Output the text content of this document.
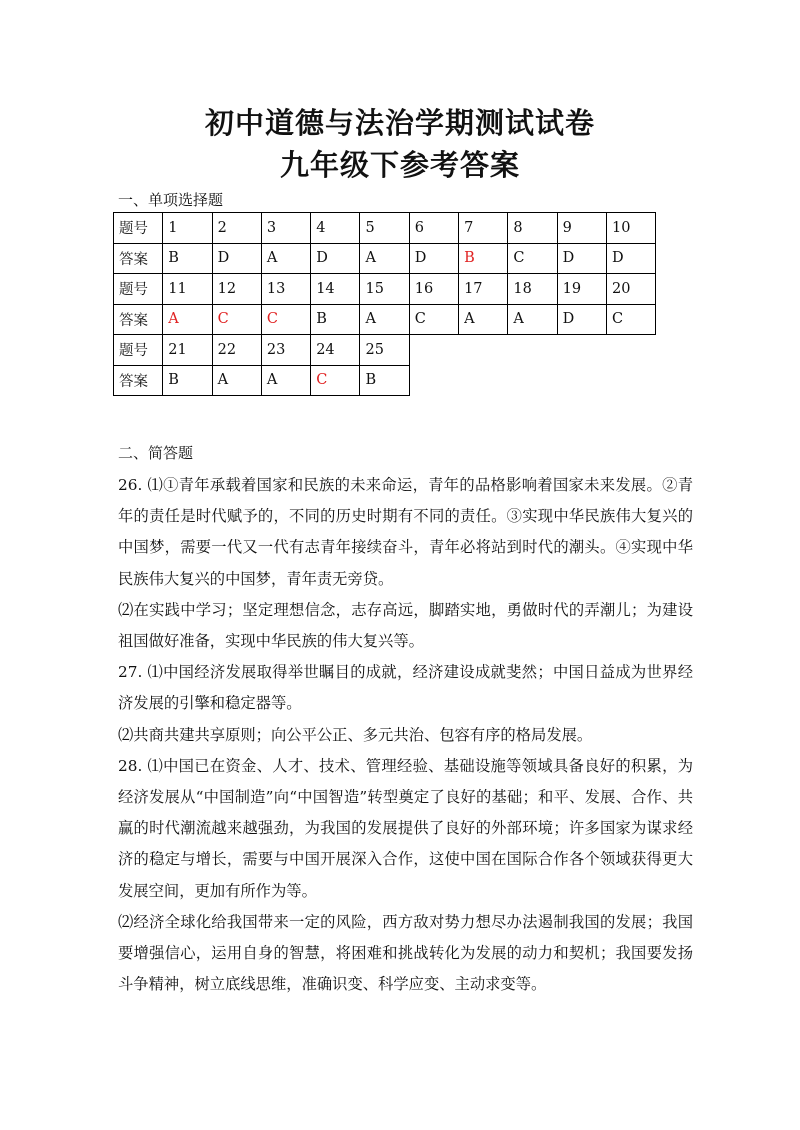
初中道德与法治学期测试试卷
九年级下参考答案
一、单项选择题
题号	1	2	3	4	5	6	7	8	9	10
答案	B	D	A	D	A	D	B	C	D	D
题号	11	12	13	14	15	16	17	18	19	20
答案	A	C	C	B	A	C	A	A	D	C
题号	21	22	23	24	25					
答案	B	A	A	C	B					
二、简答题

26. ⑴①青年承载着国家和民族的未来命运，青年的品格影响着国家未来发展。②青年的责任是时代赋予的，不同的历史时期有不同的责任。③实现中华民族伟大复兴的中国梦，需要一代又一代有志青年接续奋斗，青年必将站到时代的潮头。④实现中华民族伟大复兴的中国梦，青年责无旁贷。

⑵在实践中学习；坚定理想信念，志存高远，脚踏实地，勇做时代的弄潮儿；为建设祖国做好准备，实现中华民族的伟大复兴等。

27. ⑴中国经济发展取得举世瞩目的成就，经济建设成就斐然；中国日益成为世界经济发展的引擎和稳定器等。

⑵共商共建共享原则；向公平公正、多元共治、包容有序的格局发展。

28. ⑴中国已在资金、人才、技术、管理经验、基础设施等领域具备良好的积累，为经济发展从“中国制造”向“中国智造”转型奠定了良好的基础；和平、发展、合作、共赢的时代潮流越来越强劲，为我国的发展提供了良好的外部环境；许多国家为谋求经济的稳定与增长，需要与中国开展深入合作，这使中国在国际合作各个领域获得更大发展空间，更加有所作为等。

⑵经济全球化给我国带来一定的风险，西方敌对势力想尽办法遏制我国的发展；我国要增强信心，运用自身的智慧，将困难和挑战转化为发展的动力和契机；我国要发扬斗争精神，树立底线思维，准确识变、科学应变、主动求变等。
